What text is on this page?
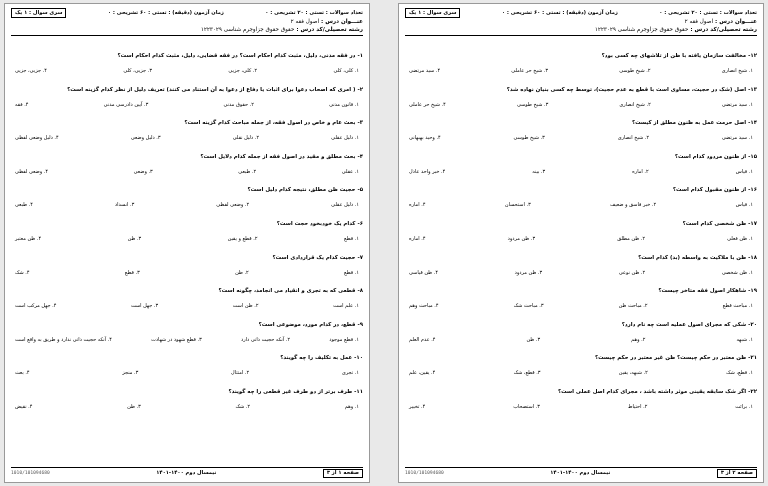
تعداد سوالات : تستی : ۲۰ تشریحی : ۰
زمان آزمون (دقیقه) : تستی : ۶۰ تشریحی : ۰
سری سوال : ۱ یک
عنـــوان درس :اصول فقه ۲
رشته تحصیلی/کد درس :حقوق حقوق جزاوجرم شناسی ۱۲۲۳۰۲۹
۱-در فقه مدنی، دلیل، مثبت کدام احکام است؟ در فقه قضایی، دلیل، مثبت کدام احکام است؟
۱. کلی، کلی
۲. کلی، جزیی
۳. جزیی، کلی
۴. جزیی، جزیی
۲-( امری که اصحاب دعوا برای اثبات یا دفاع از دعوا به آن استناد می کنند) تعریف دلیل از نظر کدام گزینه است؟
۱. قانون مدنی
۲. حقوق مدنی
۳. آیین دادرسی مدنی
۴. فقه
۳-بحث عام و خاص در اصول فقه، از جمله مباحث کدام گزینه است؟
۱. دلیل عقلی
۲. دلیل نقلی
۳. دلیل وضعی
۴. دلیل وضعی لفظی
۴-بحث مطلق و مقید در اصول فقه از جمله کدام دلایل است؟
۱. عقلی
۲. طبعی
۳. وضعی
۴. وضعی لفظی
۵-حجیت ظن مطلق، نتیجه کدام دلیل است؟
۱. دلیل عقلی
۲. وضعی لفظی
۳. انسداد
۴. طبعی
۶-کدام یک خودبخود حجت است؟
۱. قطع
۲. قطع و یقین
۳. ظن
۴. ظن معتبر
۷-حجیت کدام یک قراردادی است؟
۱. قطع
۲. ظن
۳. قطع
۴. شک
۸-قطعی که به تجری و انقیاد می انجامد، چگونه است؟
۱. علم است
۲. ظن است
۳. جهل است
۴. جهل مرکب است
۹-قطع، در کدام مورد، موضوعی است؟
۱. قطع موجود
۲. آنکه حجیت ذاتی دارد
۳. قطع شهود در شهادت
۴. آنکه حجیت ذاتی ندارد و طریق به واقع است
۱۰-عمل به تکلیف را چه گویند؟
۱. تجری
۲. امتثال
۳. منجز
۴. بعث
۱۱-طرف برتر از دو طرف غیر قطعی را چه گویند؟
۱. وهم
۲. شک
۳. ظن
۴. نقیض
صفحه ۱ از ۳
نیمسال دوم ۱۴۰۰-۱۴۰۱
1010/101094680
تعداد سوالات : تستی : ۲۰ تشریحی : ۰
زمان آزمون (دقیقه) : تستی : ۶۰ تشریحی : ۰
سری سوال : ۱ یک
عنـــوان درس :اصول فقه ۲
رشته تحصیلی/کد درس :حقوق حقوق جزاوجرم شناسی ۱۲۲۳۰۲۹
۱۲-مخالفت سازمان یافته با ظن از تلاشهای چه کسی بود؟
۱. شیخ انصاری
۲. شیخ طوسی
۳. شیخ حر عاملی
۴. سید مرتضی
۱۳-اصل (شک در حجیت، مساوی است با قطع به عدم حجیت)، توسط چه کسی بنیان نهاده شد؟
۱. سید مرتضی
۲. شیخ انصاری
۳. شیخ طوسی
۴. شیخ حر عاملی
۱۴-اصل حرمت عمل به ظنون مطلق از کیست؟
۱. سید مرتضی
۲. شیخ انصاری
۳. شیخ طوسی
۴. وحید بهبهانی
۱۵-از ظنون مردود کدام است؟
۱. قیاس
۲. اماره
۳. بینه
۴. خبر واحد عادل
۱۶-از ظنون مقبول کدام است؟
۱. قیاس
۲. خبر فاسق و ضعیف
۳. استحسان
۴. اماره
۱۷-ظن شخصی کدام است؟
۱. ظن فعلی
۲. ظن مطلق
۳. ظن مردود
۴. اماره
۱۸-ظن با ملاکیت به واسطه (بد) کدام است؟
۱. ظن شخصی
۲. ظن نوعی
۳. ظن مردود
۴. ظن قیاسی
۱۹-شاهکار اصول فقه متاخر چیست؟
۱. مباحث قطع
۲. مباحث ظن
۳. مباحث شک
۴. مباحث وهم
۲۰-شکی که مجرای اصول عملیه است چه نام دارد؟
۱. شبهه
۲. وهم
۳. ظن
۴. عدم العلم
۲۱-ظن معتبر در حکم چیست؟ ظن غیر معتبر در حکم چیست؟
۱. قطع، شک
۲. شبهه، یقین
۳. قطع، شک
۴. یقین، علم
۲۲-اگر شک سابقه یقینی موثر داشته باشد ، مجرای کدام اصل عملی است؟
۱. برائت
۲. احتیاط
۳. استصحاب
۴. تخییر
صفحه ۲ از ۳
نیمسال دوم ۱۴۰۰-۱۴۰۱
1010/101094680
